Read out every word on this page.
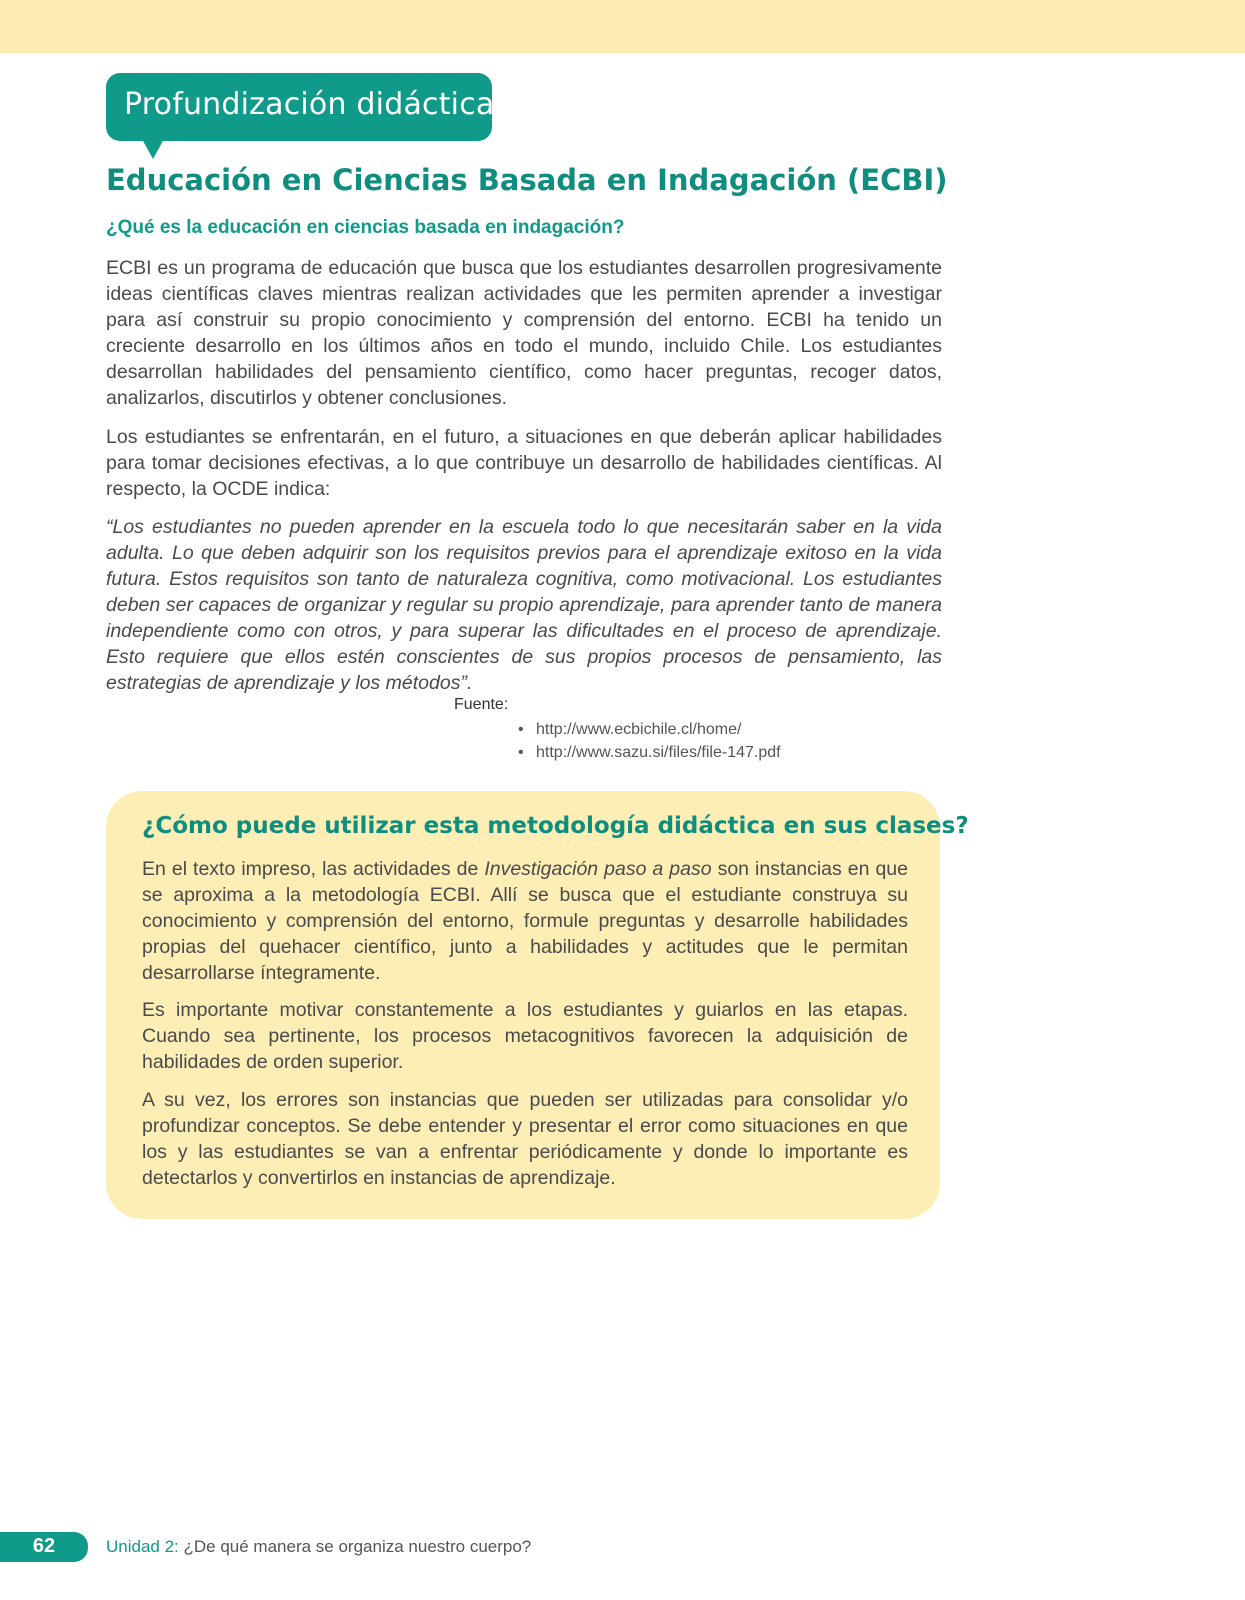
Profundización didáctica
Educación en Ciencias Basada en Indagación (ECBI)
¿Qué es la educación en ciencias basada en indagación?

ECBI es un programa de educación que busca que los estudiantes desarrollen progresivamente ideas científicas claves mientras realizan actividades que les permiten aprender a investigar para así construir su propio conocimiento y comprensión del entorno. ECBI ha tenido un creciente desarrollo en los últimos años en todo el mundo, incluido Chile. Los estudiantes desarrollan habilidades del pensamiento científico, como hacer preguntas, recoger datos, analizarlos, discutirlos y obtener conclusiones.

Los estudiantes se enfrentarán, en el futuro, a situaciones en que deberán aplicar habilidades para tomar decisiones efectivas, a lo que contribuye un desarrollo de habilidades científicas. Al respecto, la OCDE indica:

“Los estudiantes no pueden aprender en la escuela todo lo que necesitarán saber en la vida adulta. Lo que deben adquirir son los requisitos previos para el aprendizaje exitoso en la vida futura. Estos requisitos son tanto de naturaleza cognitiva, como motivacional. Los estudiantes deben ser capaces de organizar y regular su propio aprendizaje, para aprender tanto de manera independiente como con otros, y para superar las dificultades en el proceso de aprendizaje. Esto requiere que ellos estén conscientes de sus propios procesos de pensamiento, las estrategias de aprendizaje y los métodos”.

Fuente:
• http://www.ecbichile.cl/home/
• http://www.sazu.si/files/file-147.pdf
¿Cómo puede utilizar esta metodología didáctica en sus clases?

En el texto impreso, las actividades de Investigación paso a paso son instancias en que se aproxima a la metodología ECBI. Allí se busca que el estudiante construya su conocimiento y comprensión del entorno, formule preguntas y desarrolle habilidades propias del quehacer científico, junto a habilidades y actitudes que le permitan desarrollarse íntegramente.

Es importante motivar constantemente a los estudiantes y guiarlos en las etapas. Cuando sea pertinente, los procesos metacognitivos favorecen la adquisición de habilidades de orden superior.

A su vez, los errores son instancias que pueden ser utilizadas para consolidar y/o profundizar conceptos. Se debe entender y presentar el error como situaciones en que los y las estudiantes se van a enfrentar periódicamente y donde lo importante es detectarlos y convertirlos en instancias de aprendizaje.

62	Unidad 2: ¿De qué manera se organiza nuestro cuerpo?
